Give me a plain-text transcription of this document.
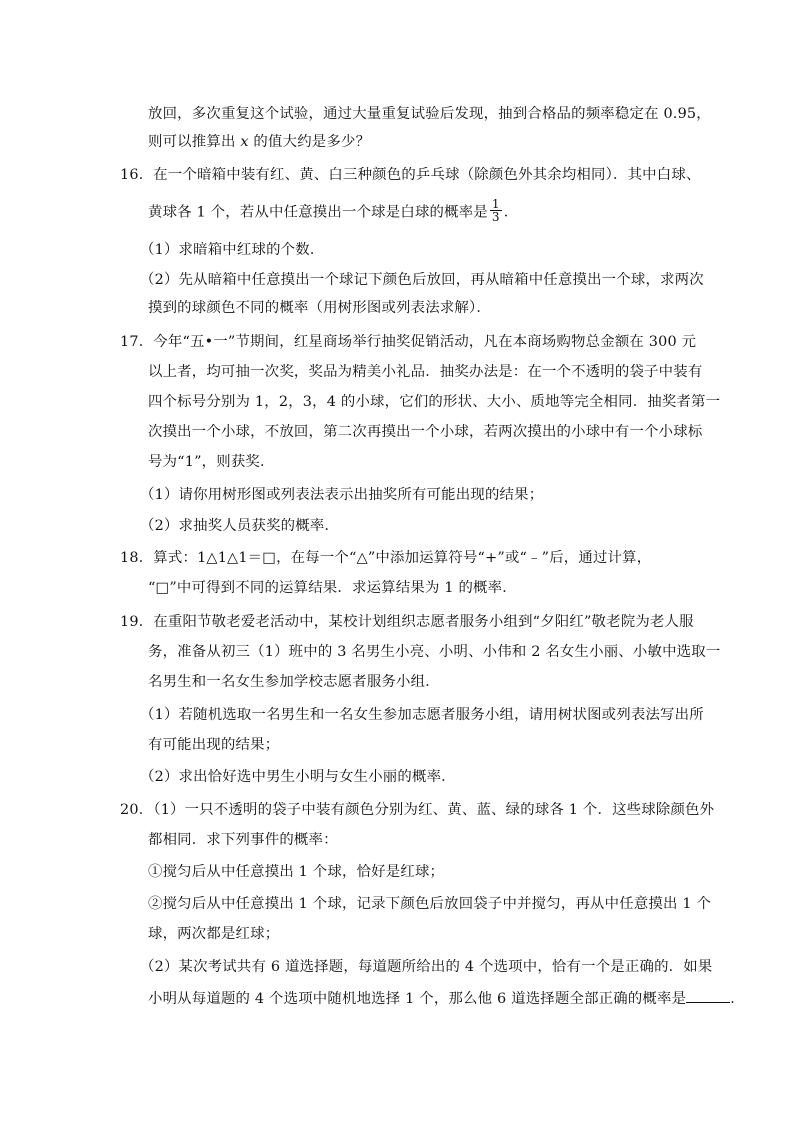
放回，多次重复这个试验，通过大量重复试验后发现，抽到合格品的频率稳定在 0.95，
则可以推算出 x 的值大约是多少？
16．在一个暗箱中装有红、黄、白三种颜色的乒乓球（除颜色外其余均相同）．其中白球、
黄球各 1 个，若从中任意摸出一个球是白球的概率是 $\frac{1}{3}$ ．
（1）求暗箱中红球的个数．
（2）先从暗箱中任意摸出一个球记下颜色后放回，再从暗箱中任意摸出一个球，求两次
摸到的球颜色不同的概率（用树形图或列表法求解）．
17．今年“五•一”节期间，红星商场举行抽奖促销活动，凡在本商场购物总金额在 300 元
以上者，均可抽一次奖，奖品为精美小礼品．抽奖办法是：在一个不透明的袋子中装有
四个标号分别为 1，2，3，4 的小球，它们的形状、大小、质地等完全相同．抽奖者第一
次摸出一个小球，不放回，第二次再摸出一个小球，若两次摸出的小球中有一个小球标
号为“1”，则获奖．
（1）请你用树形图或列表法表示出抽奖所有可能出现的结果；
（2）求抽奖人员获奖的概率．
18．算式：1△1△1＝□，在每一个“△”中添加运算符号“+”或“﹣”后，通过计算，
“□”中可得到不同的运算结果．求运算结果为 1 的概率．
19．在重阳节敬老爱老活动中，某校计划组织志愿者服务小组到“夕阳红”敬老院为老人服
务，准备从初三（1）班中的 3 名男生小亮、小明、小伟和 2 名女生小丽、小敏中选取一
名男生和一名女生参加学校志愿者服务小组．
（1）若随机选取一名男生和一名女生参加志愿者服务小组，请用树状图或列表法写出所
有可能出现的结果；
（2）求出恰好选中男生小明与女生小丽的概率．
20．（1）一只不透明的袋子中装有颜色分别为红、黄、蓝、绿的球各 1 个．这些球除颜色外
都相同．求下列事件的概率：
①搅匀后从中任意摸出 1 个球，恰好是红球；
②搅匀后从中任意摸出 1 个球，记录下颜色后放回袋子中并搅匀，再从中任意摸出 1 个
球，两次都是红球；
（2）某次考试共有 6 道选择题，每道题所给出的 4 个选项中，恰有一个是正确的．如果
小明从每道题的 4 个选项中随机地选择 1 个，那么他 6 道选择题全部正确的概率是	．
